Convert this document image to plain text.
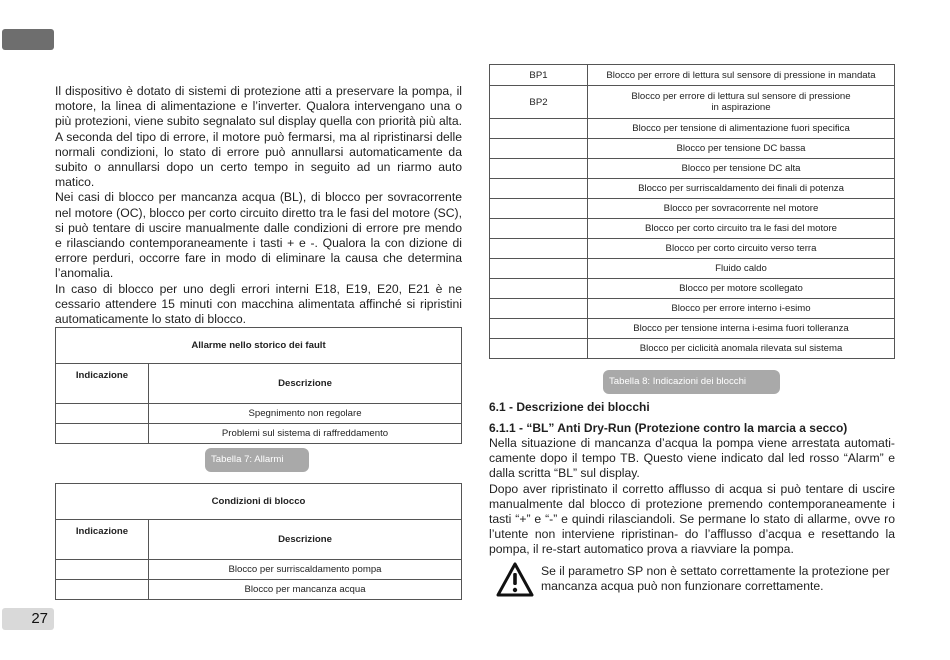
27

Il dispositivo è dotato di sistemi di protezione atti a preservare la pompa, il motore, la linea di alimentazione e l’inverter. Qualora intervengano una o più protezioni, viene subito segnalato sul display quella con priorità più alta. A seconda del tipo di errore, il motore può fermarsi, ma al ripristinarsi delle normali condizioni, lo stato di errore può annullarsi automaticamente da subito o annullarsi dopo un certo tempo in seguito ad un riarmo auto matico.

Nei casi di blocco per mancanza acqua (BL), di blocco per sovracorrente nel motore (OC), blocco per corto circuito diretto tra le fasi del motore (SC), si può tentare di uscire manualmente dalle condizioni di errore pre mendo e rilasciando contemporaneamente i tasti + e -. Qualora la con dizione di errore perduri, occorre fare in modo di eliminare la causa che determina l’anomalia.

In caso di blocco per uno degli errori interni E18, E19, E20, E21 è ne cessario attendere 15 minuti con macchina alimentata affinché si ripristini automaticamente lo stato di blocco.

Allarme nello storico dei fault	
Indicazione	Descrizione
	Spegnimento non regolare
	Problemi sul sistema di raffreddamento
Tabella 7: Allarmi
Condizioni di blocco	
Indicazione	Descrizione
	Blocco per surriscaldamento pompa
	Blocco per mancanza acqua
BP1	Blocco per errore di lettura sul sensore di pressione in mandata
BP2	Blocco per errore di lettura sul sensore di pressione
in aspirazione

	Blocco per tensione di alimentazione fuori specifica
	Blocco per tensione DC bassa
	Blocco per tensione DC alta
	Blocco per surriscaldamento dei finali di potenza
	Blocco per sovracorrente nel motore
	Blocco per corto circuito tra le fasi del motore
	Blocco per corto circuito verso terra
	Fluido caldo
	Blocco per motore scollegato
	Blocco per errore interno i-esimo
	Blocco per tensione interna i-esima fuori tolleranza
	Blocco per ciclicità anomala rilevata sul sistema
Tabella 8: Indicazioni dei blocchi
6.1 - Descrizione dei blocchi
6.1.1 - “BL” Anti Dry-Run (Protezione contro la marcia a secco)

Nella situazione di mancanza d’acqua la pompa viene arrestata automati- camente dopo il tempo TB. Questo viene indicato dal led rosso “Alarm” e dalla scritta “BL” sul display.

Dopo aver ripristinato il corretto afflusso di acqua si può tentare di uscire manualmente dal blocco di protezione premendo contemporaneamente i tasti “+” e “-” e quindi rilasciandoli. Se permane lo stato di allarme, ovve ro l’utente non interviene ripristinan- do l’afflusso d’acqua e resettando la pompa, il re-start automatico prova a riavviare la pompa.

Se il parametro SP non è settato correttamente la protezione per mancanza acqua può non funzionare correttamente.
